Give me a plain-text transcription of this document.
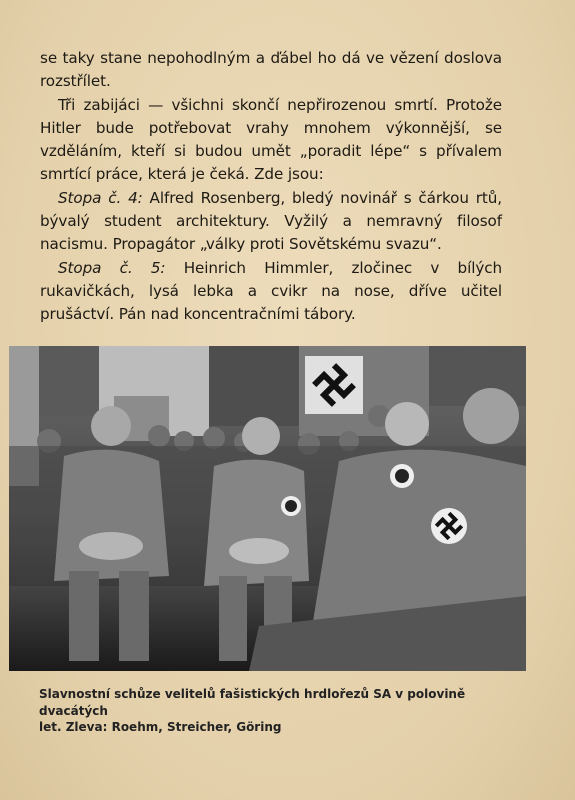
se taky stane nepohodlným a ďábel ho dá ve vězení doslova rozstřílet.

Tři zabijáci — všichni skončí nepřirozenou smrtí. Protože Hitler bude potřebovat vrahy mnohem výkonnější, se vzděláním, kteří si budou umět „poradit lépe“ s přívalem smrtící práce, která je čeká. Zde jsou:

Stopa č. 4: Alfred Rosenberg, bledý novinář s čárkou rtů, bývalý student architektury. Vyžilý a nemravný filosof nacismu. Propagátor „války proti Sovětskému svazu“.

Stopa č. 5: Heinrich Himmler, zločinec v bílých rukavičkách, lysá lebka a cvikr na nose, dříve učitel prušáctví. Pán nad koncentračními tábory.

Slavnostní schůze velitelů fašistických hrdlořezů SA v polovině dvacátých
let. Zleva: Roehm, Streicher, Göring
